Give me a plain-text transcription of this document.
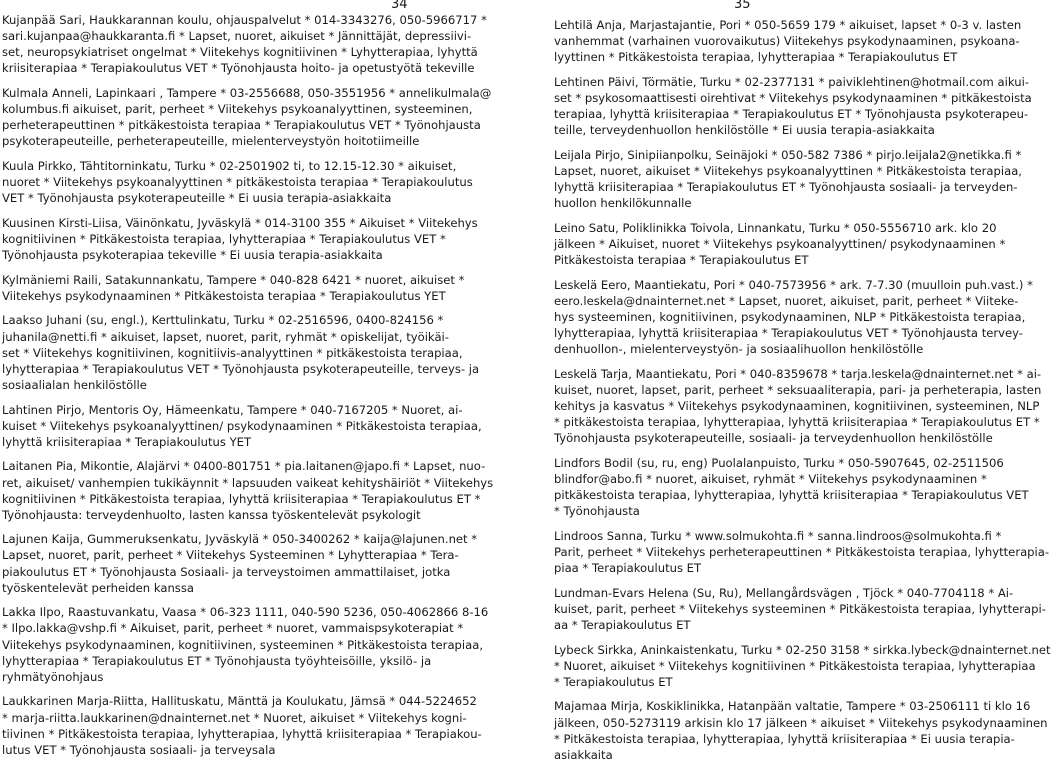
34	35
Kujanpää Sari, Haukkarannan koulu, ohjauspalvelut * 014-3343276, 050-5966717 *
sari.kujanpaa@haukkaranta.fi * Lapset, nuoret, aikuiset * Jännittäjät, depressiivi-
set, neuropsykiatriset ongelmat * Viitekehys kognitiivinen * Lyhytterapiaa, lyhyttä
kriisiterapiaa * Terapiakoulutus VET * Työnohjausta hoito- ja opetustyötä tekeville
Kulmala Anneli, Lapinkaari , Tampere * 03-2556688, 050-3551956 * annelikulmala@
kolumbus.fi aikuiset, parit, perheet * Viitekehys psykoanalyyttinen, systeeminen,
perheterapeuttinen * pitkäkestoista terapiaa * Terapiakoulutus VET * Työnohjausta
psykoterapeuteille, perheterapeuteille, mielenterveystyön hoitotiimeille
Kuula Pirkko, Tähtitorninkatu, Turku * 02-2501902 ti, to 12.15-12.30 * aikuiset,
nuoret * Viitekehys psykoanalyyttinen * pitkäkestoista terapiaa * Terapiakoulutus
VET * Työnohjausta psykoterapeuteille * Ei uusia terapia-asiakkaita
Kuusinen Kirsti-Liisa, Väinönkatu, Jyväskylä * 014-3100 355 * Aikuiset * Viitekehys
kognitiivinen * Pitkäkestoista terapiaa, lyhytterapiaa * Terapiakoulutus VET *
Työnohjausta psykoterapiaa tekeville * Ei uusia terapia-asiakkaita
Kylmäniemi Raili, Satakunnankatu, Tampere * 040-828 6421 * nuoret, aikuiset *
Viitekehys psykodynaaminen * Pitkäkestoista terapiaa * Terapiakoulutus YET
Laakso Juhani (su, engl.), Kerttulinkatu, Turku * 02-2516596, 0400-824156 *
juhanila@netti.fi * aikuiset, lapset, nuoret, parit, ryhmät * opiskelijat, työikäi-
set * Viitekehys kognitiivinen, kognitiivis-analyyttinen * pitkäkestoista terapiaa,
lyhytterapiaa * Terapiakoulutus VET * Työnohjausta psykoterapeuteille, terveys- ja
sosiaalialan henkilöstölle
Lahtinen Pirjo, Mentoris Oy, Hämeenkatu, Tampere * 040-7167205 * Nuoret, ai-
kuiset * Viitekehys psykoanalyyttinen/ psykodynaaminen * Pitkäkestoista terapiaa,
lyhyttä kriisiterapiaa * Terapiakoulutus YET
Laitanen Pia, Mikontie, Alajärvi * 0400-801751 * pia.laitanen@japo.fi * Lapset, nuo-
ret, aikuiset/ vanhempien tukikäynnit * lapsuuden vaikeat kehityshäiriöt * Viitekehys
kognitiivinen * Pitkäkestoista terapiaa, lyhyttä kriisiterapiaa * Terapiakoulutus ET *
Työnohjausta: terveydenhuolto, lasten kanssa työskentelevät psykologit
Lajunen Kaija, Gummeruksenkatu, Jyväskylä * 050-3400262 * kaija@lajunen.net *
Lapset, nuoret, parit, perheet * Viitekehys Systeeminen * Lyhytterapiaa * Tera-
piakoulutus ET * Työnohjausta Sosiaali- ja terveystoimen ammattilaiset, jotka
työskentelevät perheiden kanssa
Lakka Ilpo, Raastuvankatu, Vaasa * 06-323 1111, 040-590 5236, 050-4062866 8-16
* Ilpo.lakka@vshp.fi * Aikuiset, parit, perheet * nuoret, vammaispsykoterapiat *
Viitekehys psykodynaaminen, kognitiivinen, systeeminen * Pitkäkestoista terapiaa,
lyhytterapiaa * Terapiakoulutus ET * Työnohjausta työyhteisöille, yksilö- ja
ryhmätyönohjaus
Laukkarinen Marja-Riitta, Hallituskatu, Mänttä ja Koulukatu, Jämsä * 044-5224652
* marja-riitta.laukkarinen@dnainternet.net * Nuoret, aikuiset * Viitekehys kogni-
tiivinen * Pitkäkestoista terapiaa, lyhytterapiaa, lyhyttä kriisiterapiaa * Terapiakou-
lutus VET * Työnohjausta sosiaali- ja terveysala
Lehtilä Anja, Marjastajantie, Pori * 050-5659 179 * aikuiset, lapset * 0-3 v. lasten
vanhemmat (varhainen vuorovaikutus) Viitekehys psykodynaaminen, psykoana-
lyyttinen * Pitkäkestoista terapiaa, lyhytterapiaa * Terapiakoulutus ET
Lehtinen Päivi, Törmätie, Turku * 02-2377131 * paiviklehtinen@hotmail.com aikui-
set * psykosomaattisesti oirehtivat * Viitekehys psykodynaaminen * pitkäkestoista
terapiaa, lyhyttä kriisiterapiaa * Terapiakoulutus ET * Työnohjausta psykoterapeu-
teille, terveydenhuollon henkilöstölle * Ei uusia terapia-asiakkaita
Leijala Pirjo, Sinipiianpolku, Seinäjoki * 050-582 7386 * pirjo.leijala2@netikka.fi *
Lapset, nuoret, aikuiset * Viitekehys psykoanalyyttinen * Pitkäkestoista terapiaa,
lyhyttä kriisiterapiaa * Terapiakoulutus ET * Työnohjausta sosiaali- ja terveyden-
huollon henkilökunnalle
Leino Satu, Poliklinikka Toivola, Linnankatu, Turku * 050-5556710 ark. klo 20
jälkeen * Aikuiset, nuoret * Viitekehys psykoanalyyttinen/ psykodynaaminen *
Pitkäkestoista terapiaa * Terapiakoulutus ET
Leskelä Eero, Maantiekatu, Pori * 040-7573956 * ark. 7-7.30 (muulloin puh.vast.) *
eero.leskela@dnainternet.net * Lapset, nuoret, aikuiset, parit, perheet * Viiteke-
hys systeeminen, kognitiivinen, psykodynaaminen, NLP * Pitkäkestoista terapiaa,
lyhytterapiaa, lyhyttä kriisiterapiaa * Terapiakoulutus VET * Työnohjausta tervey-
denhuollon-, mielenterveystyön- ja sosiaalihuollon henkilöstölle
Leskelä Tarja, Maantiekatu, Pori * 040-8359678 * tarja.leskela@dnainternet.net * ai-
kuiset, nuoret, lapset, parit, perheet * seksuaaliterapia, pari- ja perheterapia, lasten
kehitys ja kasvatus * Viitekehys psykodynaaminen, kognitiivinen, systeeminen, NLP
* pitkäkestoista terapiaa, lyhytterapiaa, lyhyttä kriisiterapiaa * Terapiakoulutus ET *
Työnohjausta psykoterapeuteille, sosiaali- ja terveydenhuollon henkilöstölle
Lindfors Bodil (su, ru, eng) Puolalanpuisto, Turku * 050-5907645, 02-2511506
blindfor@abo.fi * nuoret, aikuiset, ryhmät * Viitekehys psykodynaaminen *
pitkäkestoista terapiaa, lyhytterapiaa, lyhyttä kriisiterapiaa * Terapiakoulutus VET
* Työnohjausta
Lindroos Sanna, Turku * www.solmukohta.fi * sanna.lindroos@solmukohta.fi *
Parit, perheet * Viitekehys perheterapeuttinen * Pitkäkestoista terapiaa, lyhytterapia-
piaa * Terapiakoulutus ET
Lundman-Evars Helena (Su, Ru), Mellangårdsvägen , Tjöck * 040-7704118 * Ai-
kuiset, parit, perheet * Viitekehys systeeminen * Pitkäkestoista terapiaa, lyhytterapi-
aa * Terapiakoulutus ET
Lybeck Sirkka, Aninkaistenkatu, Turku * 02-250 3158 * sirkka.lybeck@dnainternet.net
* Nuoret, aikuiset * Viitekehys kognitiivinen * Pitkäkestoista terapiaa, lyhytterapiaa
* Terapiakoulutus ET
Majamaa Mirja, Koskiklinikka, Hatanpään valtatie, Tampere * 03-2506111 ti klo 16
jälkeen, 050-5273119 arkisin klo 17 jälkeen * aikuiset * Viitekehys psykodynaaminen
* Pitkäkestoista terapiaa, lyhytterapiaa, lyhyttä kriisiterapiaa * Ei uusia terapia-
asiakkaita
